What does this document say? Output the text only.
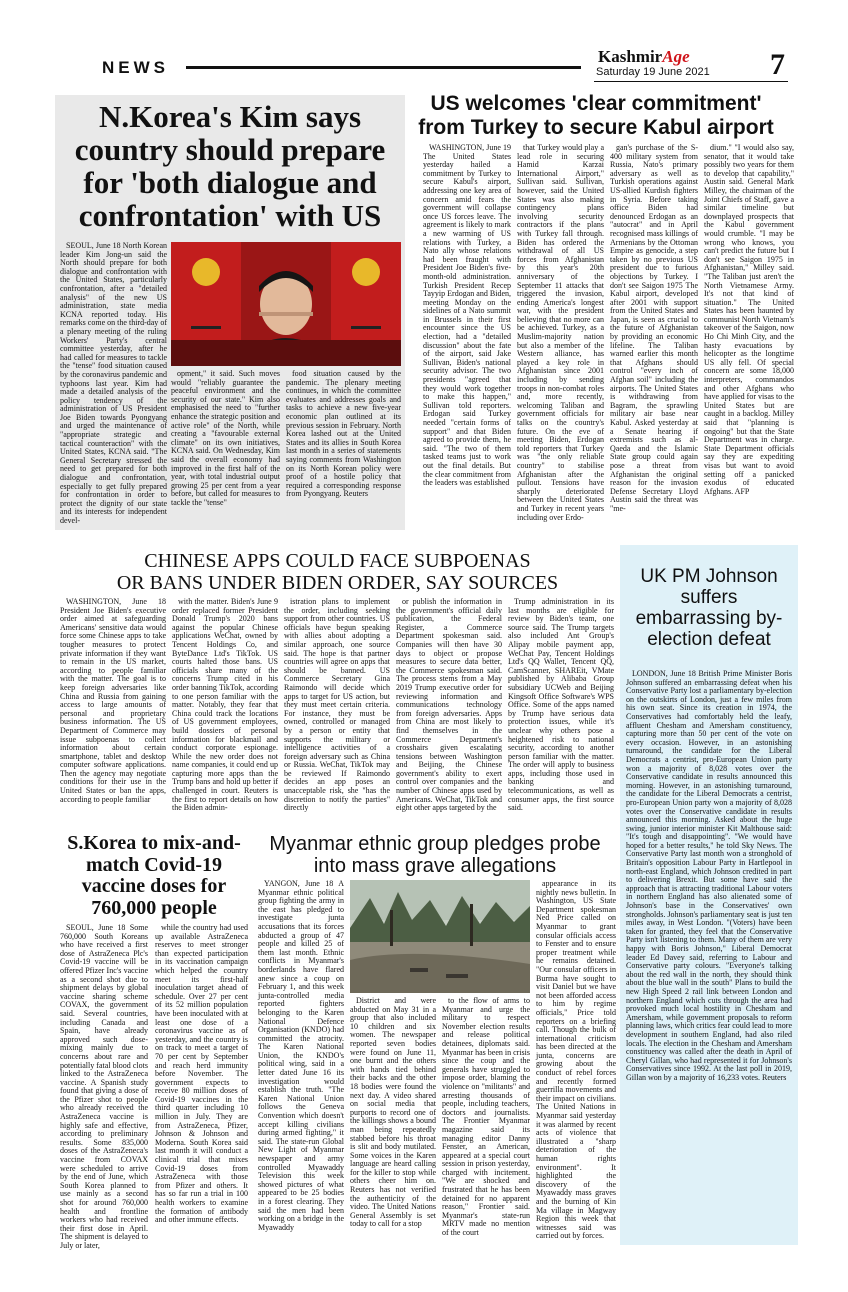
NEWS
KashmirAge
Saturday 19 June 2021 7
N.Korea's Kim says country should prepare for 'both dialogue and confrontation' with US

SEOUL, June 18 North Korean leader Kim Jong-un said the North should prepare for both dialogue and confrontation with the United States, particularly confrontation, after a "detailed analysis" of the new US administration, state media KCNA reported today. His remarks come on the third-day of a plenary meeting of the ruling Workers' Party's central committee yesterday, after he had called for measures to tackle the "tense" food situation caused by the coronavirus pandemic and typhoons last year. Kim had made a detailed analysis of the policy tendency of the administration of US President Joe Biden towards Pyongyang and urged the maintenance of "appropriate strategic and tactical counteraction" with the United States, KCNA said. "The General Secretary stressed the need to get prepared for both dialogue and confrontation, especially to get fully prepared for confrontation in order to protect the dignity of our state and its interests for independent devel-

opment," it said. Such moves would "reliably guarantee the peaceful environment and the security of our state." Kim also emphasised the need to "further enhance the strategic position and active role" of the North, while creating a "favourable external climate" on its own initiatives, KCNA said. On Wednesday, Kim said the overall economy had improved in the first half of the year, with total industrial output growing 25 per cent from a year before, but called for measures to tackle the "tense"

food situation caused by the pandemic. The plenary meeting continues, in which the committee evaluates and addresses goals and tasks to achieve a new five-year economic plan outlined at its previous session in February. North Korea lashed out at the United States and its allies in South Korea last month in a series of statements saying comments from Washington on its North Korean policy were proof of a hostile policy that required a corresponding response from Pyongyang. Reuters

US welcomes 'clear commitment' from Turkey to secure Kabul airport

WASHINGTON, June 19 The United States yesterday hailed a commitment by Turkey to secure Kabul's airport, addressing one key area of concern amid fears the government will collapse once US forces leave. The agreement is likely to mark a new warming of US relations with Turkey, a Nato ally whose relations had been fraught with President Joe Biden's five-month-old administration. Turkish President Recep Tayyip Erdogan and Biden, meeting Monday on the sidelines of a Nato summit in Brussels in their first encounter since the US election, had a "detailed discussion" about the fate of the airport, said Jake Sullivan, Biden's national security advisor. The two presidents "agreed that they would work together to make this happen," Sullivan told reporters. Erdogan said Turkey needed "certain forms of support" and that Biden agreed to provide them, he said. "The two of them tasked teams just to work out the final details. But the clear commitment from the leaders was established

that Turkey would play a lead role in securing Hamid Karzai International Airport," Sullivan said. Sullivan, however, said the United States was also making contingency plans involving security contractors if the plans with Turkey fall through. Biden has ordered the withdrawal of all US forces from Afghanistan by this year's 20th anniversary of the September 11 attacks that triggered the invasion, ending America's longest war, with the president believing that no more can be achieved. Turkey, as a Muslim-majority nation but also a member of the Western alliance, has played a key role in Afghanistan since 2001 including by sending troops in non-combat roles and, more recently, welcoming Taliban and government officials for talks on the country's future. On the eve of meeting Biden, Erdogan told reporters that Turkey was "the only reliable country" to stabilise Afghanistan after the pullout. Tensions have sharply deteriorated between the United States and Turkey in recent years including over Erdo-

gan's purchase of the S-400 military system from Russia, Nato's primary adversary as well as Turkish operations against US-allied Kurdish fighters in Syria. Before taking office Biden had denounced Erdogan as an "autocrat" and in April recognised mass killings of Armenians by the Ottoman Empire as genocide, a step taken by no previous US president due to furious objections by Turkey. I don't see Saigon 1975 The Kabul airport, developed after 2001 with support from the United States and Japan, is seen as crucial to the future of Afghanistan by providing an economic lifeline. The Taliban warned earlier this month that Afghans should control "every inch of Afghan soil" including the airports. The United States is withdrawing from Bagram, the sprawling military air base near Kabul. Asked yesterday at a Senate hearing if extremists such as al-Qaeda and the Islamic State group could again pose a threat from Afghanistan the original reason for the invasion Defense Secretary Lloyd Austin said the threat was "me-

dium." "I would also say, senator, that it would take possibly two years for them to develop that capability," Austin said. General Mark Milley, the chairman of the Joint Chiefs of Staff, gave a similar timeline but downplayed prospects that the Kabul government would crumble. "I may be wrong who knows, you can't predict the future but I don't see Saigon 1975 in Afghanistan," Milley said. "The Taliban just aren't the North Vietnamese Army. It's not that kind of situation." The United States has been haunted by communist North Vietnam's takeover of the Saigon, now Ho Chi Minh City, and the hasty evacuations by helicopter as the longtime US ally fell. Of special concern are some 18,000 interpreters, commandos and other Afghans who have applied for visas to the United States but are caught in a backlog. Milley said that "planning is ongoing" but that the State Department was in charge. State Department officials say they are expediting visas but want to avoid setting off a panicked exodus of educated Afghans. AFP

CHINESE APPS COULD FACE SUBPOENAS
OR BANS UNDER BIDEN ORDER, SAY SOURCES

WASHINGTON, June 18 President Joe Biden's executive order aimed at safeguarding Americans' sensitive data would force some Chinese apps to take tougher measures to protect private information if they want to remain in the US market, according to people familiar with the matter. The goal is to keep foreign adversaries like China and Russia from gaining access to large amounts of personal and proprietary business information. The US Department of Commerce may issue subpoenas to collect information about certain smartphone, tablet and desktop computer software applications. Then the agency may negotiate conditions for their use in the United States or ban the apps, according to people familiar

with the matter. Biden's June 9 order replaced former President Donald Trump's 2020 bans against the popular Chinese applications WeChat, owned by Tencent Holdings Co, and ByteDance Ltd's TikTok. US courts halted those bans. US officials share many of the concerns Trump cited in his order banning TikTok, according to one person familiar with the matter. Notably, they fear that China could track the locations of US government employees, build dossiers of personal information for blackmail and conduct corporate espionage. While the new order does not name companies, it could end up capturing more apps than the Trump bans and hold up better if challenged in court. Reuters is the first to report details on how the Biden admin-

istration plans to implement the order, including seeking support from other countries. US officials have begun speaking with allies about adopting a similar approach, one source said. The hope is that partner countries will agree on apps that should be banned. US Commerce Secretary Gina Raimondo will decide which apps to target for US action, but they must meet certain criteria. For instance, they must be owned, controlled or managed by a person or entity that supports the military or intelligence activities of a foreign adversary such as China or Russia. WeChat, TikTok may be reviewed If Raimondo decides an app poses an unacceptable risk, she "has the discretion to notify the parties" directly

or publish the information in the government's official daily publication, the Federal Register, a Commerce Department spokesman said. Companies will then have 30 days to object or propose measures to secure data better, the Commerce spokesman said. The process stems from a May 2019 Trump executive order for reviewing information and communications technology from foreign adversaries. Apps from China are most likely to find themselves in the Commerce Department's crosshairs given escalating tensions between Washington and Beijing, the Chinese government's ability to exert control over companies and the number of Chinese apps used by Americans. WeChat, TikTok and eight other apps targeted by the

Trump administration in its last months are eligible for review by Biden's team, one source said. The Trump targets also included Ant Group's Alipay mobile payment app, WeChat Pay, Tencent Holdings Ltd's QQ Wallet, Tencent QQ, CamScanner, SHAREit, VMate published by Alibaba Group subsidiary UCWeb and Beijing Kingsoft Office Software's WPS Office. Some of the apps named by Trump have serious data protection issues, while it's unclear why others pose a heightened risk to national security, according to another person familiar with the matter. The order will apply to business apps, including those used in banking and telecommunications, as well as consumer apps, the first source said.

UK PM Johnson suffers embarrassing by-election defeat

LONDON, June 18 British Prime Minister Boris Johnson suffered an embarrassing defeat when his Conservative Party lost a parliamentary by-election on the outskirts of London, just a few miles from his own seat. Since its creation in 1974, the Conservatives had comfortably held the leafy, affluent Chesham and Amersham constituency, capturing more than 50 per cent of the vote on every occasion. However, in an astonishing turnaround, the candidate for the Liberal Democrats a centrist, pro-European Union party won a majority of 8,028 votes over the Conservative candidate in results announced this morning. However, in an astonishing turnaround, the candidate for the Liberal Democrats a centrist, pro-European Union party won a majority of 8,028 votes over the Conservative candidate in results announced this morning. Asked about the huge swing, junior interior minister Kit Malthouse said: "It's tough and disappointing". "We would have hoped for a better results," he told Sky News. The Conservative Party last month won a stronghold of Britain's opposition Labour Party in Hartlepool in north-east England, which Johnson credited in part to delivering Brexit. But some have said the approach that is attracting traditional Labour voters in northern England has also alienated some of Johnson's base in the Conservatives' own strongholds. Johnson's parliamentary seat is just ten miles away, in West London. "(Voters) have been taken for granted, they feel that the Conservative Party isn't listening to them. Many of them are very happy with Boris Johnson," Liberal Democrat leader Ed Davey said, referring to Labour and Conservative party colours. "Everyone's talking about the red wall in the north, they should think about the blue wall in the south" Plans to build the new High Speed 2 rail link between London and northern England which cuts through the area had provoked much local hostility in Chesham and Amersham, while government proposals to reform planning laws, which critics fear could lead to more development in southern England, had also riled locals. The election in the Chesham and Amersham constituency was called after the death in April of Cheryl Gillan, who had represented it for Johnson's Conservatives since 1992. At the last poll in 2019, Gillan won by a majority of 16,233 votes. Reuters

S.Korea to mix-and-match Covid-19 vaccine doses for 760,000 people

SEOUL, June 18 Some 760,000 South Koreans who have received a first dose of AstraZeneca Plc's Covid-19 vaccine will be offered Pfizer Inc's vaccine as a second shot due to shipment delays by global vaccine sharing scheme COVAX, the government said. Several countries, including Canada and Spain, have already approved such dose-mixing mainly due to concerns about rare and potentially fatal blood clots linked to the AstraZeneca vaccine. A Spanish study found that giving a dose of the Pfizer shot to people who already received the AstraZeneca vaccine is highly safe and effective, according to preliminary results. Some 835,000 doses of the AstraZeneca's vaccine from COVAX were scheduled to arrive by the end of June, which South Korea planned to use mainly as a second shot for around 760,000 health and frontline workers who had received their first dose in April. The shipment is delayed to July or later,

while the country had used up available AstraZeneca reserves to meet stronger than expected participation in its vaccination campaign which helped the country meet its first-half inoculation target ahead of schedule. Over 27 per cent of its 52 million population have been inoculated with at least one dose of a coronavirus vaccine as of yesterday, and the country is on track to meet a target of 70 per cent by September and reach herd immunity before November. The government expects to receive 80 million doses of Covid-19 vaccines in the third quarter including 10 million in July. They are from AstraZeneca, Pfizer, Johnson & Johnson and Moderna. South Korea said last month it will conduct a clinical trial that mixes Covid-19 doses from AstraZeneca with those from Pfizer and others. It has so far run a trial in 100 health workers to examine the formation of antibody and other immune effects.

Myanmar ethnic group pledges probe into mass grave allegations

YANGON, June 18 A Myanmar ethnic political group fighting the army in the east has pledged to investigate junta accusations that its forces abducted a group of 47 people and killed 25 of them last month. Ethnic conflicts in Myanmar's borderlands have flared anew since a coup on February 1, and this week junta-controlled media reported fighters belonging to the Karen National Defence Organisation (KNDO) had committed the atrocity. The Karen National Union, the KNDO's political wing, said in a letter dated June 16 its investigation would establish the truth. "The Karen National Union follows the Geneva Convention which doesn't accept killing civilians during armed fighting," it said. The state-run Global New Light of Myanmar newspaper and army controlled Myawaddy Television this week showed pictures of what appeared to be 25 bodies in a forest clearing. They said the men had been working on a bridge in the Myawaddy

District and were abducted on May 31 in a group that also included 10 children and six women. The newspaper reported seven bodies were found on June 11, one burnt and the others with hands tied behind their backs and the other 18 bodies were found the next day. A video shared on social media that purports to record one of the killings shows a bound man being repeatedly stabbed before his throat is slit and body mutilated. Some voices in the Karen language are heard calling for the killer to stop while others cheer him on. Reuters has not verified the authenticity of the video. The United Nations General Assembly is set today to call for a stop

to the flow of arms to Myanmar and urge the military to respect November election results and release political detainees, diplomats said. Myanmar has been in crisis since the coup and the generals have struggled to impose order, blaming the violence on "militants" and arresting thousands of people, including teachers, doctors and journalists. The Frontier Myanmar magazine said its managing editor Danny Fenster, an American, appeared at a special court session in prison yesterday, charged with incitement. "We are shocked and frustrated that he has been detained for no apparent reason," Frontier said. Myanmar's state-run MRTV made no mention of the court

appearance in its nightly news bulletin. In Washington, US State Department spokesman Ned Price called on Myanmar to grant consular officials access to Fenster and to ensure proper treatment while he remains detained. "Our consular officers in Burma have sought to visit Daniel but we have not been afforded access to him by regime officials," Price told reporters on a briefing call. Though the bulk of international criticism has been directed at the junta, concerns are growing about the conduct of rebel forces and recently formed guerrilla movements and their impact on civilians. The United Nations in Myanmar said yesterday it was alarmed by recent acts of violence that illustrated a "sharp deterioration of the human rights environment". It highlighted the discovery of the Myawaddy mass graves and the burning of Kin Ma village in Magway Region this week that witnesses said was carried out by forces.
